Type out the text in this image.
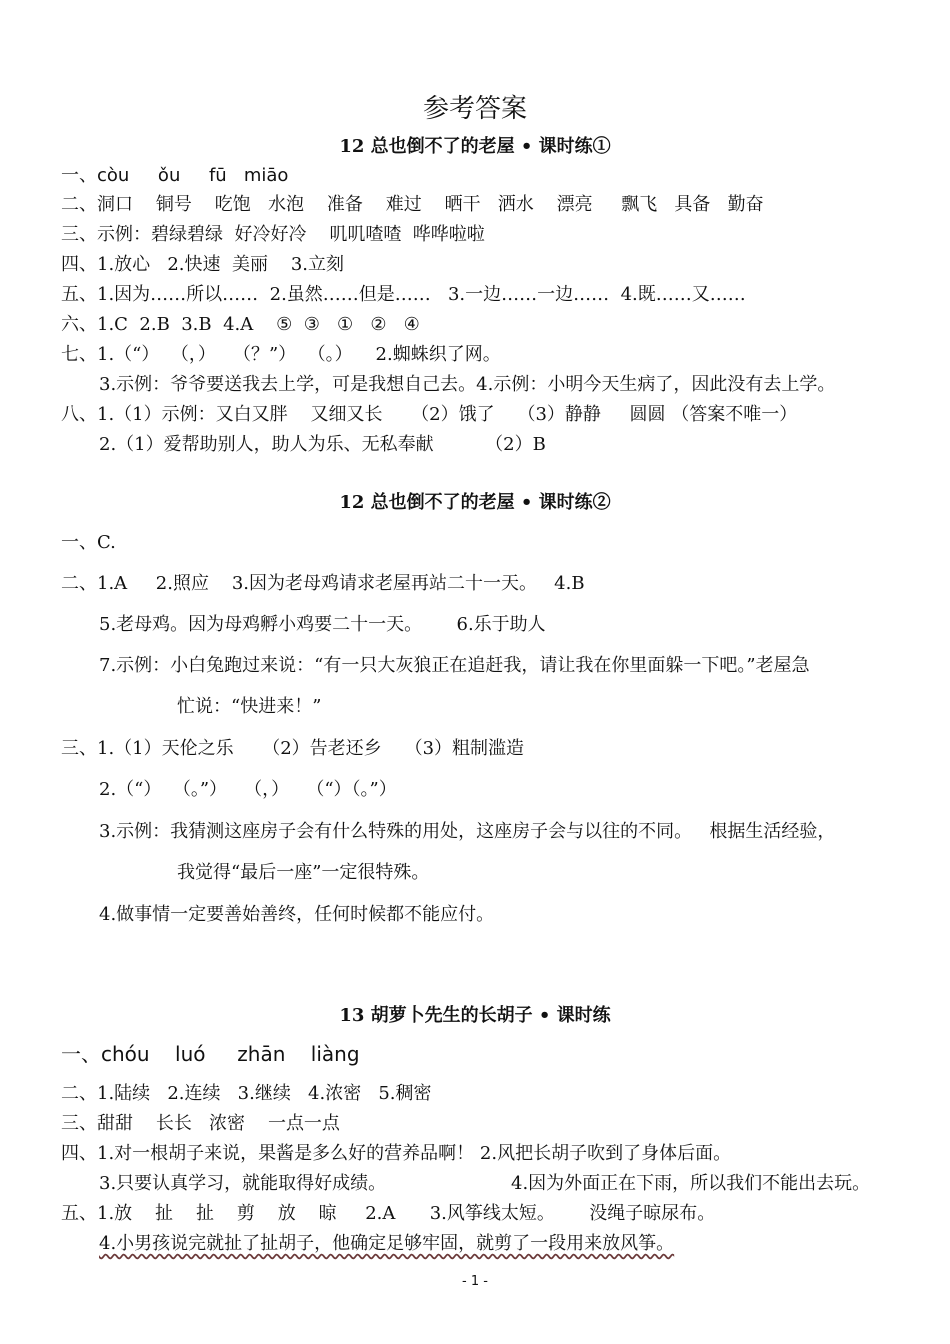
参考答案
12 总也倒不了的老屋 • 课时练①
一、còu     ǒu     fū   miāo
二、洞口    铜号    吃饱   水泡    准备    难过    晒干   洒水    漂亮     飘飞   具备   勤奋
三、示例：碧绿碧绿  好冷好冷    叽叽喳喳  哗哗啦啦
四、1.放心   2.快速  美丽    3.立刻
五、1.因为……所以……  2.虽然……但是……   3.一边……一边……  4.既……又……
六、1.C  2.B  3.B  4.A    ⑤  ③   ①   ②   ④
七、1.（“）  （，）   （？”）  （。）    2.蜘蛛织了网。
3.示例：爷爷要送我去上学，可是我想自己去。4.示例：小明今天生病了，因此没有去上学。
八、1.（1）示例：又白又胖    又细又长     （2）饿了    （3）静静     圆圆 （答案不唯一）
2.（1）爱帮助别人，助人为乐、无私奉献         （2）B
12 总也倒不了的老屋 • 课时练②
一、C.
二、1.A     2.照应    3.因为老母鸡请求老屋再站二十一天。   4.B
5.老母鸡。因为母鸡孵小鸡要二十一天。      6.乐于助人
7.示例：小白兔跑过来说：“有一只大灰狼正在追赶我，请让我在你里面躲一下吧。”老屋急
忙说：“快进来！”
三、1.（1）天伦之乐     （2）告老还乡    （3）粗制滥造
2.（“）  （。”）   （，）   （“）（。”）
3.示例：我猜测这座房子会有什么特殊的用处，这座房子会与以往的不同。   根据生活经验，
我觉得“最后一座”一定很特殊。
4.做事情一定要善始善终，任何时候都不能应付。
13 胡萝卜先生的长胡子 • 课时练
一、chóu    luó     zhān    liàng
二、1.陆续   2.连续   3.继续   4.浓密   5.稠密
三、甜甜    长长   浓密    一点一点
四、1.对一根胡子来说，果酱是多么好的营养品啊！ 2.风把长胡子吹到了身体后面。
3.只要认真学习，就能取得好成绩。	4.因为外面正在下雨，所以我们不能出去玩。
五、1.放    扯    扯    剪    放    晾     2.A      3.风筝线太短。      没绳子晾尿布。
4.小男孩说完就扯了扯胡子，他确定足够牢固，就剪了一段用来放风筝。
- 1 -
